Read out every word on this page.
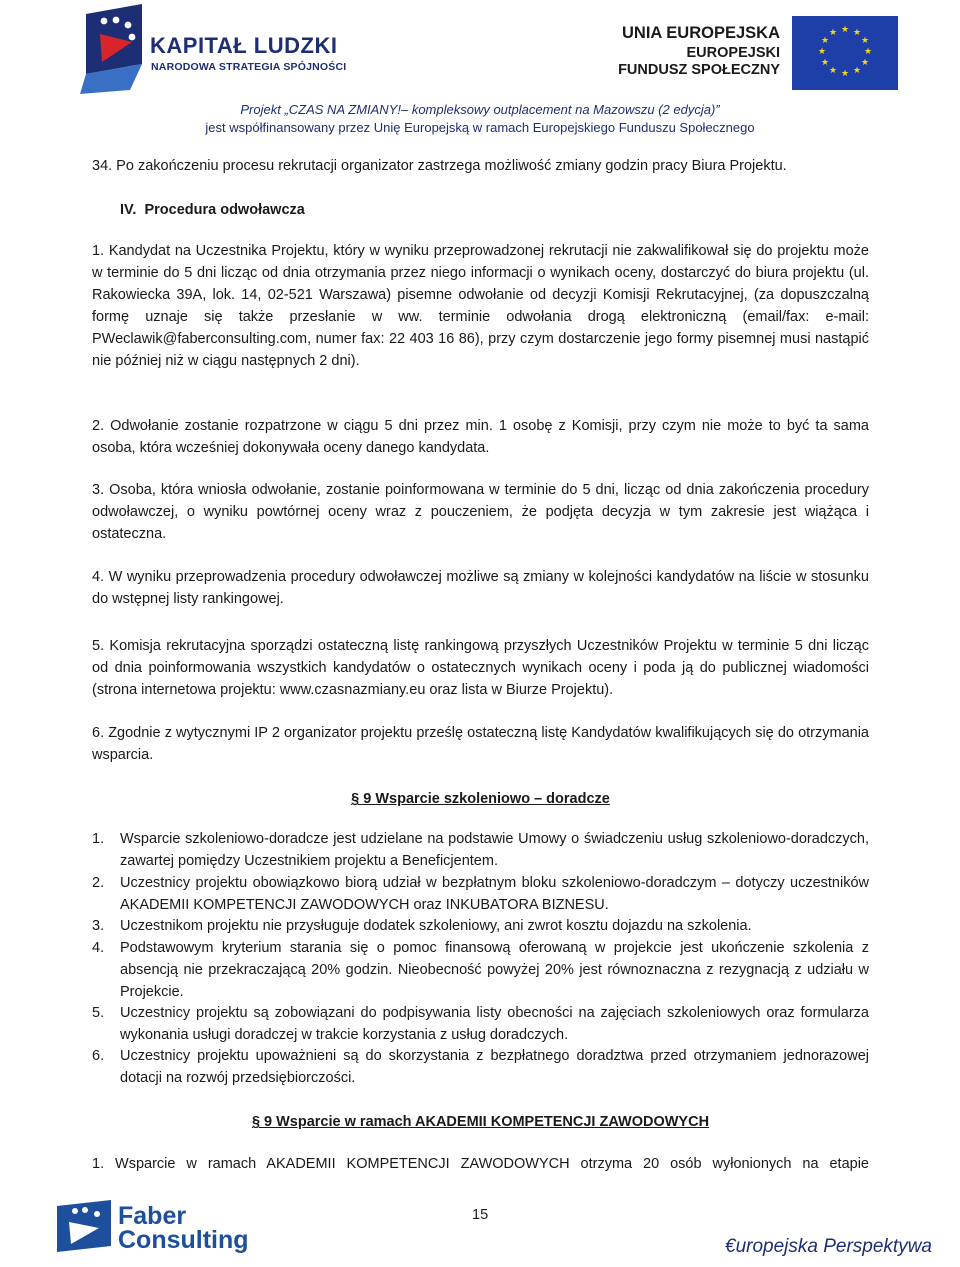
KAPITAŁ LUDZKI
NARODOWA STRATEGIA SPÓJNOŚCI
UNIA EUROPEJSKA
EUROPEJSKI
FUNDUSZ SPOŁECZNY
★ ★
★
★
★
★
★
★
★
★
★
★
Projekt „CZAS NA ZMIANY!– kompleksowy outplacement na Mazowszu (2 edycja)”
jest współfinansowany przez Unię Europejską w ramach Europejskiego Funduszu Społecznego
34. Po zakończeniu procesu rekrutacji organizator zastrzega możliwość zmiany godzin pracy Biura Projektu.
IV. Procedura odwoławcza
1. Kandydat na Uczestnika Projektu, który w wyniku przeprowadzonej rekrutacji nie zakwalifikował się do projektu może w terminie do 5 dni licząc od dnia otrzymania przez niego informacji o wynikach oceny, dostarczyć do biura projektu (ul. Rakowiecka 39A, lok. 14, 02-521 Warszawa) pisemne odwołanie od decyzji Komisji Rekrutacyjnej, (za dopuszczalną formę uznaje się także przesłanie w ww. terminie odwołania drogą elektroniczną (email/fax: e-mail: PWeclawik@faberconsulting.com, numer fax: 22 403 16 86), przy czym dostarczenie jego formy pisemnej musi nastąpić nie później niż w ciągu następnych 2 dni).
2. Odwołanie zostanie rozpatrzone w ciągu 5 dni przez min. 1 osobę z Komisji, przy czym nie może to być ta sama osoba, która wcześniej dokonywała oceny danego kandydata.
3. Osoba, która wniosła odwołanie, zostanie poinformowana w terminie do 5 dni, licząc od dnia zakończenia procedury odwoławczej, o wyniku powtórnej oceny wraz z pouczeniem, że podjęta decyzja w tym zakresie jest wiążąca i ostateczna.
4. W wyniku przeprowadzenia procedury odwoławczej możliwe są zmiany w kolejności kandydatów na liście w stosunku do wstępnej listy rankingowej.
5. Komisja rekrutacyjna sporządzi ostateczną listę rankingową przyszłych Uczestników Projektu w terminie 5 dni licząc od dnia poinformowania wszystkich kandydatów o ostatecznych wynikach oceny i poda ją do publicznej wiadomości (strona internetowa projektu: www.czasnazmiany.eu oraz lista w Biurze Projektu).
6. Zgodnie z wytycznymi IP 2 organizator projektu prześlę ostateczną listę Kandydatów kwalifikujących się do otrzymania wsparcia.
§ 9 Wsparcie szkoleniowo – doradcze
1. Wsparcie szkoleniowo-doradcze jest udzielane na podstawie Umowy o świadczeniu usług szkoleniowo-doradczych, zawartej pomiędzy Uczestnikiem projektu a Beneficjentem.
2. Uczestnicy projektu obowiązkowo biorą udział w bezpłatnym bloku szkoleniowo-doradczym – dotyczy uczestników AKADEMII KOMPETENCJI ZAWODOWYCH oraz INKUBATORA BIZNESU.
3. Uczestnikom projektu nie przysługuje dodatek szkoleniowy, ani zwrot kosztu dojazdu na szkolenia.
4. Podstawowym kryterium starania się o pomoc finansową oferowaną w projekcie jest ukończenie szkolenia z absencją nie przekraczającą 20% godzin. Nieobecność powyżej 20% jest równoznaczna z rezygnacją z udziału w Projekcie.
5. Uczestnicy projektu są zobowiązani do podpisywania listy obecności na zajęciach szkoleniowych oraz formularza wykonania usługi doradczej w trakcie korzystania z usług doradczych.
6. Uczestnicy projektu upoważnieni są do skorzystania z bezpłatnego doradztwa przed otrzymaniem jednorazowej dotacji na rozwój przedsiębiorczości.
§ 9 Wsparcie w ramach AKADEMII KOMPETENCJI ZAWODOWYCH
1. Wsparcie w ramach AKADEMII KOMPETENCJI ZAWODOWYCH otrzyma 20 osób wyłonionych na etapie
Faber
Consulting
15
€uropejska Perspektywa
